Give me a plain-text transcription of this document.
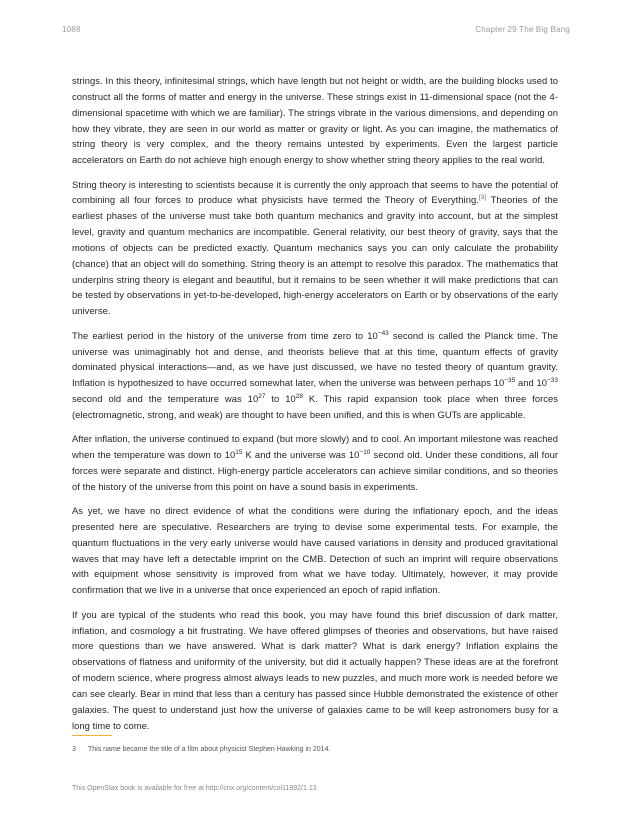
1088	Chapter 29 The Big Bang

strings. In this theory, infinitesimal strings, which have length but not height or width, are the building blocks used to construct all the forms of matter and energy in the universe. These strings exist in 11-dimensional space (not the 4-dimensional spacetime with which we are familiar). The strings vibrate in the various dimensions, and depending on how they vibrate, they are seen in our world as matter or gravity or light. As you can imagine, the mathematics of string theory is very complex, and the theory remains untested by experiments. Even the largest particle accelerators on Earth do not achieve high enough energy to show whether string theory applies to the real world.

String theory is interesting to scientists because it is currently the only approach that seems to have the potential of combining all four forces to produce what physicists have termed the Theory of Everything.[3] Theories of the earliest phases of the universe must take both quantum mechanics and gravity into account, but at the simplest level, gravity and quantum mechanics are incompatible. General relativity, our best theory of gravity, says that the motions of objects can be predicted exactly. Quantum mechanics says you can only calculate the probability (chance) that an object will do something. String theory is an attempt to resolve this paradox. The mathematics that underpins string theory is elegant and beautiful, but it remains to be seen whether it will make predictions that can be tested by observations in yet-to-be-developed, high-energy accelerators on Earth or by observations of the early universe.

The earliest period in the history of the universe from time zero to $10^{-43}$ second is called the Planck time. The universe was unimaginably hot and dense, and theorists believe that at this time, quantum effects of gravity dominated physical interactions—and, as we have just discussed, we have no tested theory of quantum gravity. Inflation is hypothesized to have occurred somewhat later, when the universe was between perhaps $10^{-35}$ and $10^{-33}$ second old and the temperature was $10^{27}$ to $10^{28}$ K. This rapid expansion took place when three forces (electromagnetic, strong, and weak) are thought to have been unified, and this is when GUTs are applicable.

After inflation, the universe continued to expand (but more slowly) and to cool. An important milestone was reached when the temperature was down to $10^{15}$ K and the universe was $10^{-10}$ second old. Under these conditions, all four forces were separate and distinct. High-energy particle accelerators can achieve similar conditions, and so theories of the history of the universe from this point on have a sound basis in experiments.

As yet, we have no direct evidence of what the conditions were during the inflationary epoch, and the ideas presented here are speculative. Researchers are trying to devise some experimental tests. For example, the quantum fluctuations in the very early universe would have caused variations in density and produced gravitational waves that may have left a detectable imprint on the CMB. Detection of such an imprint will require observations with equipment whose sensitivity is improved from what we have today. Ultimately, however, it may provide confirmation that we live in a universe that once experienced an epoch of rapid inflation.

If you are typical of the students who read this book, you may have found this brief discussion of dark matter, inflation, and cosmology a bit frustrating. We have offered glimpses of theories and observations, but have raised more questions than we have answered. What is dark matter? What is dark energy? Inflation explains the observations of flatness and uniformity of the university, but did it actually happen? These ideas are at the forefront of modern science, where progress almost always leads to new puzzles, and much more work is needed before we can see clearly. Bear in mind that less than a century has passed since Hubble demonstrated the existence of other galaxies. The quest to understand just how the universe of galaxies came to be will keep astronomers busy for a long time to come.

3 This name became the title of a film about physicist Stephen Hawking in 2014.
This OpenStax book is available for free at http://cnx.org/content/col11992/1.13
